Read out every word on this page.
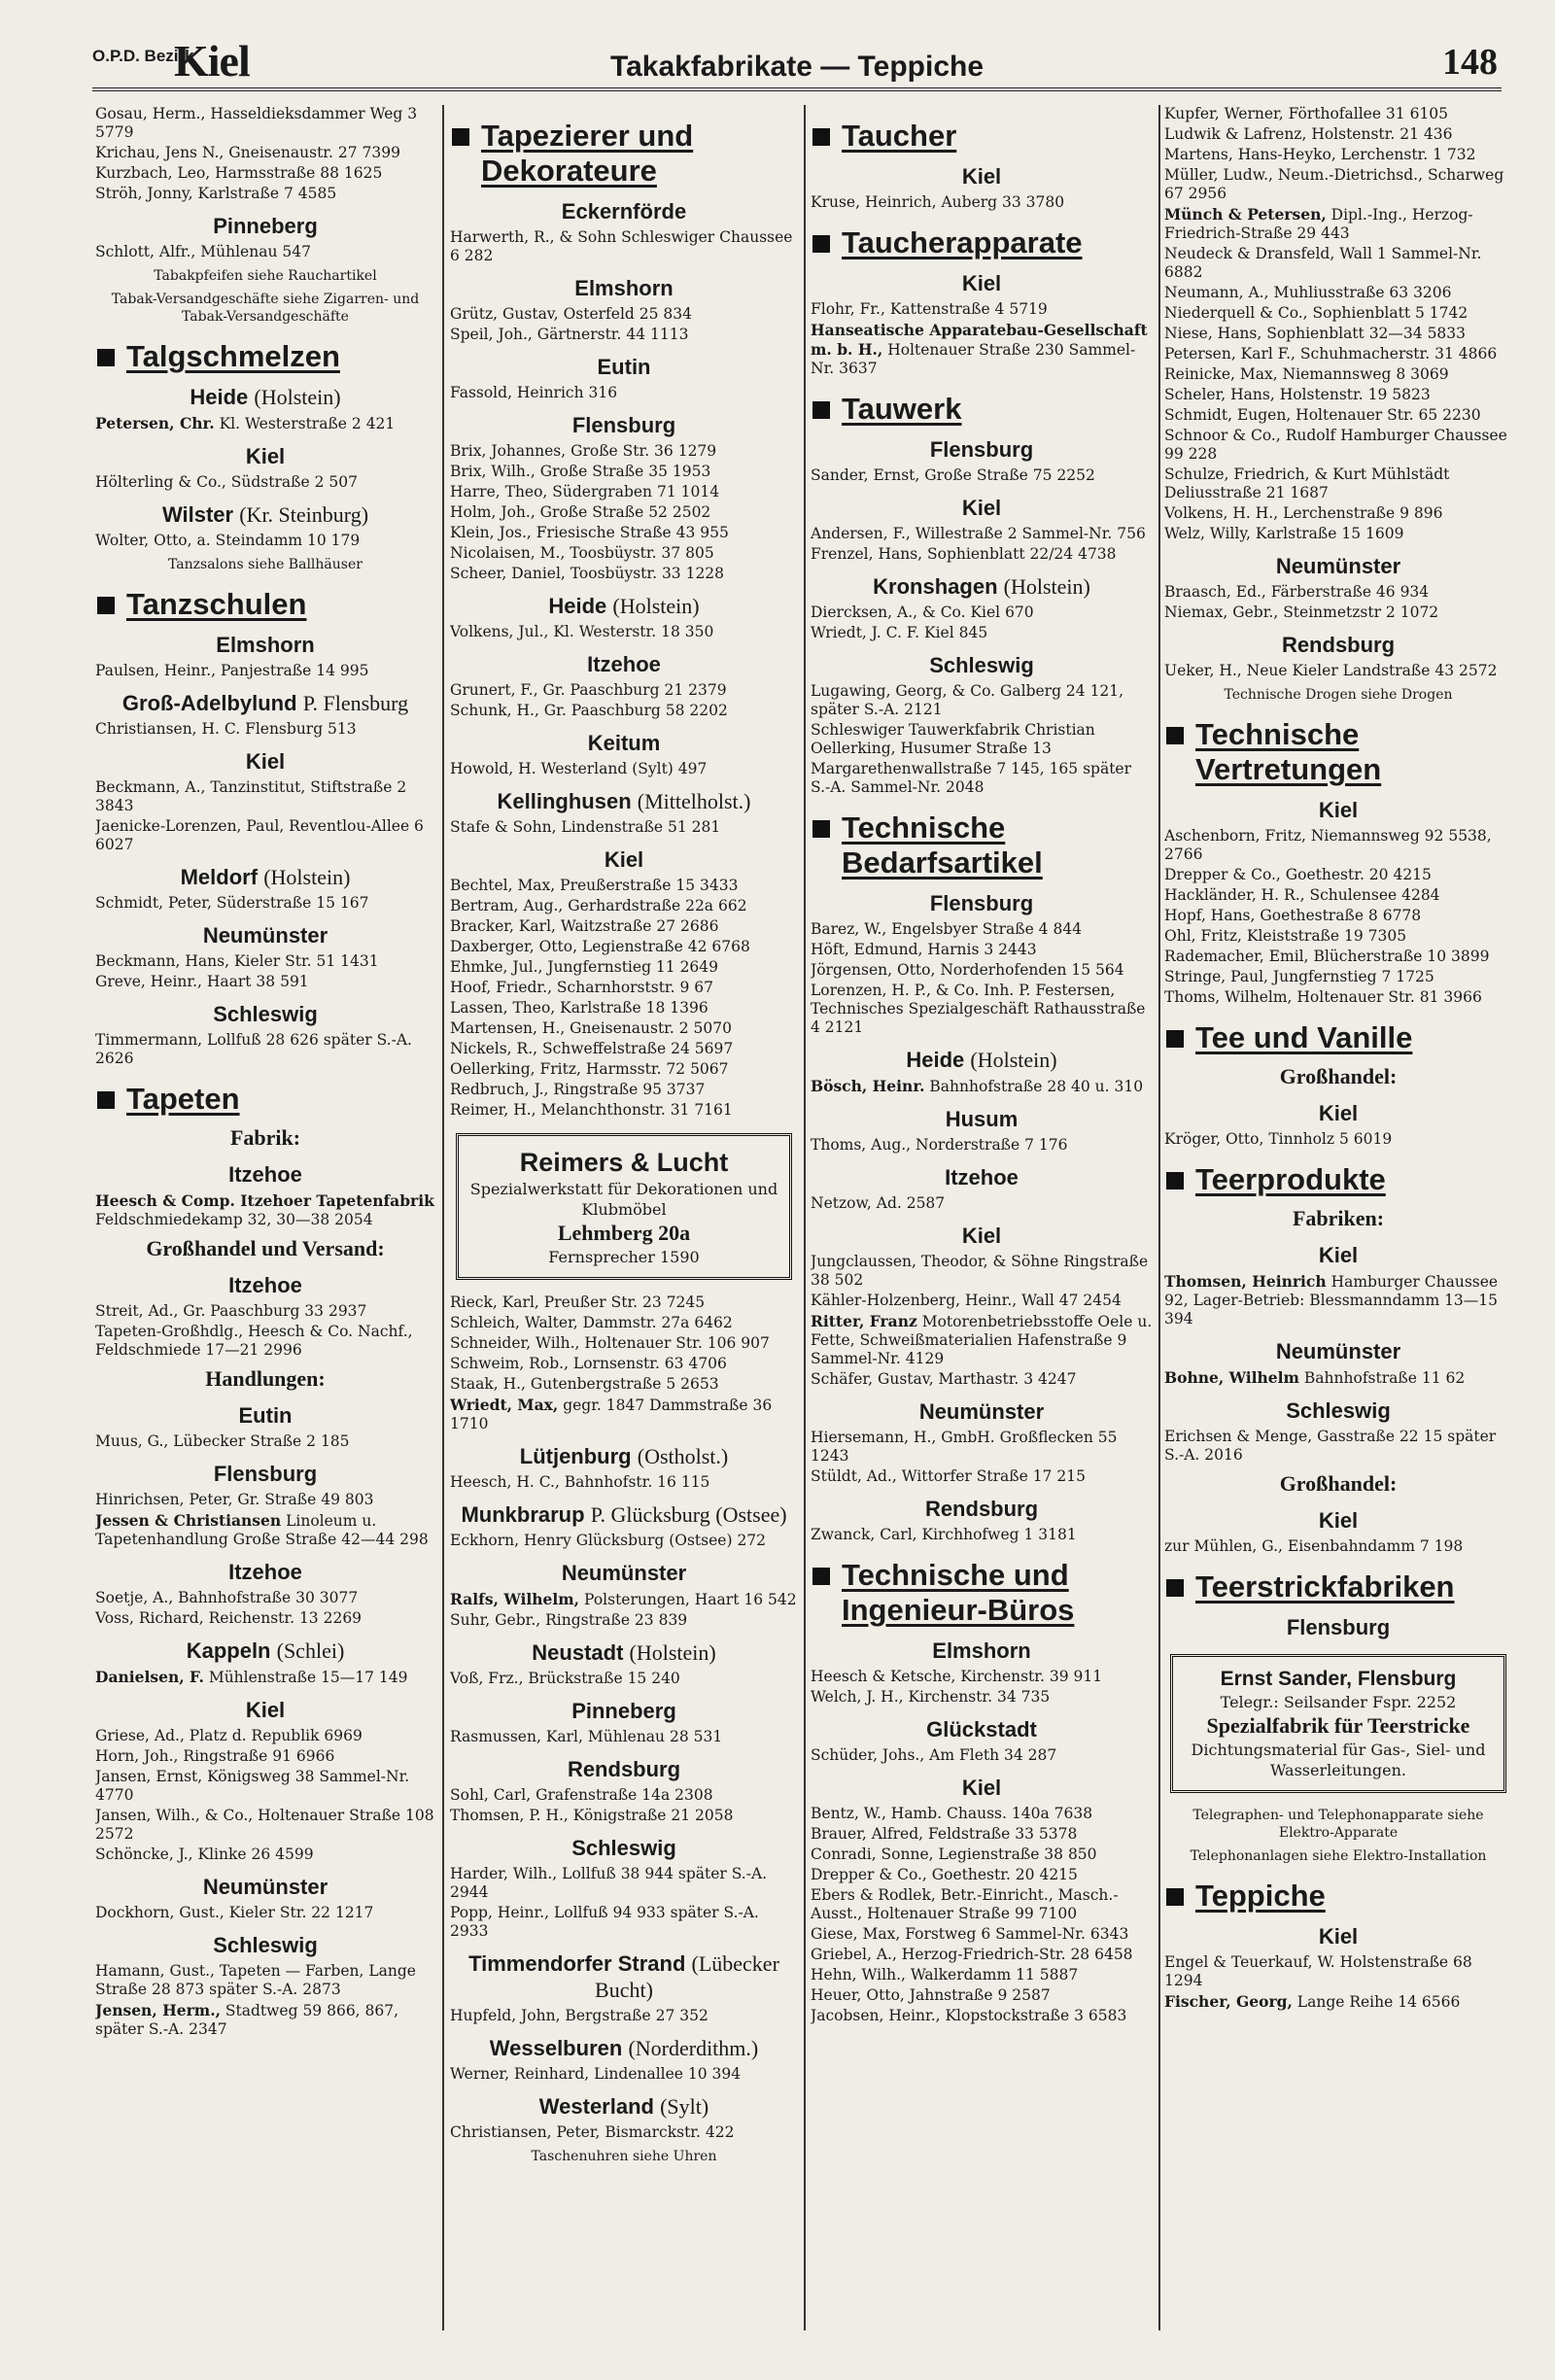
O.P.D. Bezirk
Kiel	Takakfabrikate — Teppiche	148
Gosau, Herm., Hasseldieksdammer Weg 3 5779
Krichau, Jens N., Gneisenaustr. 27 7399
Kurzbach, Leo, Harmsstraße 88 1625
Ströh, Jonny, Karlstraße 7 4585
Pinneberg
Schlott, Alfr., Mühlenau 547
Tabakpfeifen siehe Rauchartikel
Tabak-Versandgeschäfte siehe Zigarren- und Tabak-Versandgeschäfte
Talgschmelzen
Heide (Holstein)
Petersen, Chr. Kl. Westerstraße 2 421
Kiel
Hölterling & Co., Südstraße 2 507
Wilster (Kr. Steinburg)
Wolter, Otto, a. Steindamm 10 179
Tanzsalons siehe Ballhäuser
Tanzschulen
Elmshorn
Paulsen, Heinr., Panjestraße 14 995
Groß-Adelbylund P. Flensburg
Christiansen, H. C. Flensburg 513
Kiel
Beckmann, A., Tanzinstitut, Stiftstraße 2 3843
Jaenicke-Lorenzen, Paul, Reventlou-Allee 6 6027
Meldorf (Holstein)
Schmidt, Peter, Süderstraße 15 167
Neumünster
Beckmann, Hans, Kieler Str. 51 1431
Greve, Heinr., Haart 38 591
Schleswig
Timmermann, Lollfuß 28 626 später S.-A. 2626
Tapeten
Fabrik:
Itzehoe
Heesch & Comp. Itzehoer Tapetenfabrik Feldschmiedekamp 32, 30—38 2054
Großhandel und Versand:
Itzehoe
Streit, Ad., Gr. Paaschburg 33 2937
Tapeten-Großhdlg., Heesch & Co. Nachf., Feldschmiede 17—21 2996
Handlungen:
Eutin
Muus, G., Lübecker Straße 2 185
Flensburg
Hinrichsen, Peter, Gr. Straße 49 803
Jessen & Christiansen Linoleum u. Tapetenhandlung Große Straße 42—44 298
Itzehoe
Soetje, A., Bahnhofstraße 30 3077
Voss, Richard, Reichenstr. 13 2269
Kappeln (Schlei)
Danielsen, F. Mühlenstraße 15—17 149
Kiel
Griese, Ad., Platz d. Republik 6969
Horn, Joh., Ringstraße 91 6966
Jansen, Ernst, Königsweg 38 Sammel-Nr. 4770
Jansen, Wilh., & Co., Holtenauer Straße 108 2572
Schöncke, J., Klinke 26 4599
Neumünster
Dockhorn, Gust., Kieler Str. 22 1217
Schleswig
Hamann, Gust., Tapeten — Farben, Lange Straße 28 873 später S.-A. 2873
Jensen, Herm., Stadtweg 59 866, 867, später S.-A. 2347
Tapezierer und Dekorateure
Eckernförde
Harwerth, R., & Sohn Schleswiger Chaussee 6 282
Elmshorn
Grütz, Gustav, Osterfeld 25 834
Speil, Joh., Gärtnerstr. 44 1113
Eutin
Fassold, Heinrich 316
Flensburg
Brix, Johannes, Große Str. 36 1279
Brix, Wilh., Große Straße 35 1953
Harre, Theo, Südergraben 71 1014
Holm, Joh., Große Straße 52 2502
Klein, Jos., Friesische Straße 43 955
Nicolaisen, M., Toosbüystr. 37 805
Scheer, Daniel, Toosbüystr. 33 1228
Heide (Holstein)
Volkens, Jul., Kl. Westerstr. 18 350
Itzehoe
Grunert, F., Gr. Paaschburg 21 2379
Schunk, H., Gr. Paaschburg 58 2202
Keitum
Howold, H. Westerland (Sylt) 497
Kellinghusen (Mittelholst.)
Stafe & Sohn, Lindenstraße 51 281
Kiel
Bechtel, Max, Preußerstraße 15 3433
Bertram, Aug., Gerhardstraße 22a 662
Bracker, Karl, Waitzstraße 27 2686
Daxberger, Otto, Legienstraße 42 6768
Ehmke, Jul., Jungfernstieg 11 2649
Hoof, Friedr., Scharnhorststr. 9 67
Lassen, Theo, Karlstraße 18 1396
Martensen, H., Gneisenaustr. 2 5070
Nickels, R., Schweffelstraße 24 5697
Oellerking, Fritz, Harmsstr. 72 5067
Redbruch, J., Ringstraße 95 3737
Reimer, H., Melanchthonstr. 31 7161
Reimers & Lucht
Spezialwerkstatt für Dekorationen und Klubmöbel
Lehmberg 20a
Fernsprecher 1590
Rieck, Karl, Preußer Str. 23 7245
Schleich, Walter, Dammstr. 27a 6462
Schneider, Wilh., Holtenauer Str. 106 907
Schweim, Rob., Lornsenstr. 63 4706
Staak, H., Gutenbergstraße 5 2653
Wriedt, Max, gegr. 1847 Dammstraße 36 1710
Lütjenburg (Ostholst.)
Heesch, H. C., Bahnhofstr. 16 115
Munkbrarup P. Glücksburg (Ostsee)
Eckhorn, Henry Glücksburg (Ostsee) 272
Neumünster
Ralfs, Wilhelm, Polsterungen, Haart 16 542
Suhr, Gebr., Ringstraße 23 839
Neustadt (Holstein)
Voß, Frz., Brückstraße 15 240
Pinneberg
Rasmussen, Karl, Mühlenau 28 531
Rendsburg
Sohl, Carl, Grafenstraße 14a 2308
Thomsen, P. H., Königstraße 21 2058
Schleswig
Harder, Wilh., Lollfuß 38 944 später S.-A. 2944
Popp, Heinr., Lollfuß 94 933 später S.-A. 2933
Timmendorfer Strand (Lübecker Bucht)
Hupfeld, John, Bergstraße 27 352
Wesselburen (Norderdithm.)
Werner, Reinhard, Lindenallee 10 394
Westerland (Sylt)
Christiansen, Peter, Bismarckstr. 422
Taschenuhren siehe Uhren
Taucher
Kiel
Kruse, Heinrich, Auberg 33 3780
Taucherapparate
Kiel
Flohr, Fr., Kattenstraße 4 5719
Hanseatische Apparatebau-Gesellschaft m. b. H., Holtenauer Straße 230 Sammel-Nr. 3637
Tauwerk
Flensburg
Sander, Ernst, Große Straße 75 2252
Kiel
Andersen, F., Willestraße 2 Sammel-Nr. 756
Frenzel, Hans, Sophienblatt 22/24 4738
Kronshagen (Holstein)
Diercksen, A., & Co. Kiel 670
Wriedt, J. C. F. Kiel 845
Schleswig
Lugawing, Georg, & Co. Galberg 24 121, später S.-A. 2121
Schleswiger Tauwerkfabrik Christian Oellerking, Husumer Straße 13
Margarethenwallstraße 7 145, 165 später S.-A. Sammel-Nr. 2048
Technische Bedarfsartikel
Flensburg
Barez, W., Engelsbyer Straße 4 844
Höft, Edmund, Harnis 3 2443
Jörgensen, Otto, Norderhofenden 15 564
Lorenzen, H. P., & Co. Inh. P. Festersen, Technisches Spezialgeschäft Rathausstraße 4 2121
Heide (Holstein)
Bösch, Heinr. Bahnhofstraße 28 40 u. 310
Husum
Thoms, Aug., Norderstraße 7 176
Itzehoe
Netzow, Ad. 2587
Kiel
Jungclaussen, Theodor, & Söhne Ringstraße 38 502
Kähler-Holzenberg, Heinr., Wall 47 2454
Ritter, Franz Motorenbetriebsstoffe Oele u. Fette, Schweißmaterialien Hafenstraße 9 Sammel-Nr. 4129
Schäfer, Gustav, Marthastr. 3 4247
Neumünster
Hiersemann, H., GmbH. Großflecken 55 1243
Stüldt, Ad., Wittorfer Straße 17 215
Rendsburg
Zwanck, Carl, Kirchhofweg 1 3181
Technische und Ingenieur-Büros
Elmshorn
Heesch & Ketsche, Kirchenstr. 39 911
Welch, J. H., Kirchenstr. 34 735
Glückstadt
Schüder, Johs., Am Fleth 34 287
Kiel
Bentz, W., Hamb. Chauss. 140a 7638
Brauer, Alfred, Feldstraße 33 5378
Conradi, Sonne, Legienstraße 38 850
Drepper & Co., Goethestr. 20 4215
Ebers & Rodlek, Betr.-Einricht., Masch.-Ausst., Holtenauer Straße 99 7100
Giese, Max, Forstweg 6 Sammel-Nr. 6343
Griebel, A., Herzog-Friedrich-Str. 28 6458
Hehn, Wilh., Walkerdamm 11 5887
Heuer, Otto, Jahnstraße 9 2587
Jacobsen, Heinr., Klopstockstraße 3 6583
Kupfer, Werner, Förthofallee 31 6105
Ludwik & Lafrenz, Holstenstr. 21 436
Martens, Hans-Heyko, Lerchenstr. 1 732
Müller, Ludw., Neum.-Dietrichsd., Scharweg 67 2956
Münch & Petersen, Dipl.-Ing., Herzog-Friedrich-Straße 29 443
Neudeck & Dransfeld, Wall 1 Sammel-Nr. 6882
Neumann, A., Muhliusstraße 63 3206
Niederquell & Co., Sophienblatt 5 1742
Niese, Hans, Sophienblatt 32—34 5833
Petersen, Karl F., Schuhmacherstr. 31 4866
Reinicke, Max, Niemannsweg 8 3069
Scheler, Hans, Holstenstr. 19 5823
Schmidt, Eugen, Holtenauer Str. 65 2230
Schnoor & Co., Rudolf Hamburger Chaussee 99 228
Schulze, Friedrich, & Kurt Mühlstädt Deliusstraße 21 1687
Volkens, H. H., Lerchenstraße 9 896
Welz, Willy, Karlstraße 15 1609
Neumünster
Braasch, Ed., Färberstraße 46 934
Niemax, Gebr., Steinmetzstr 2 1072
Rendsburg
Ueker, H., Neue Kieler Landstraße 43 2572
Technische Drogen siehe Drogen
Technische Vertretungen
Kiel
Aschenborn, Fritz, Niemannsweg 92 5538, 2766
Drepper & Co., Goethestr. 20 4215
Hackländer, H. R., Schulensee 4284
Hopf, Hans, Goethestraße 8 6778
Ohl, Fritz, Kleiststraße 19 7305
Rademacher, Emil, Blücherstraße 10 3899
Stringe, Paul, Jungfernstieg 7 1725
Thoms, Wilhelm, Holtenauer Str. 81 3966
Tee und Vanille
Großhandel:
Kiel
Kröger, Otto, Tinnholz 5 6019
Teerprodukte
Fabriken:
Kiel
Thomsen, Heinrich Hamburger Chaussee 92, Lager-Betrieb: Blessmanndamm 13—15 394
Neumünster
Bohne, Wilhelm Bahnhofstraße 11 62
Schleswig
Erichsen & Menge, Gasstraße 22 15 später S.-A. 2016
Großhandel:
Kiel
zur Mühlen, G., Eisenbahndamm 7 198
Teerstrickfabriken
Flensburg
Ernst Sander, Flensburg
Telegr.: Seilsander Fspr. 2252
Spezialfabrik für Teerstricke
Dichtungsmaterial für Gas-, Siel- und Wasserleitungen.
Telegraphen- und Telephonapparate siehe Elektro-Apparate
Telephonanlagen siehe Elektro-Installation
Teppiche
Kiel
Engel & Teuerkauf, W. Holstenstraße 68 1294
Fischer, Georg, Lange Reihe 14 6566
